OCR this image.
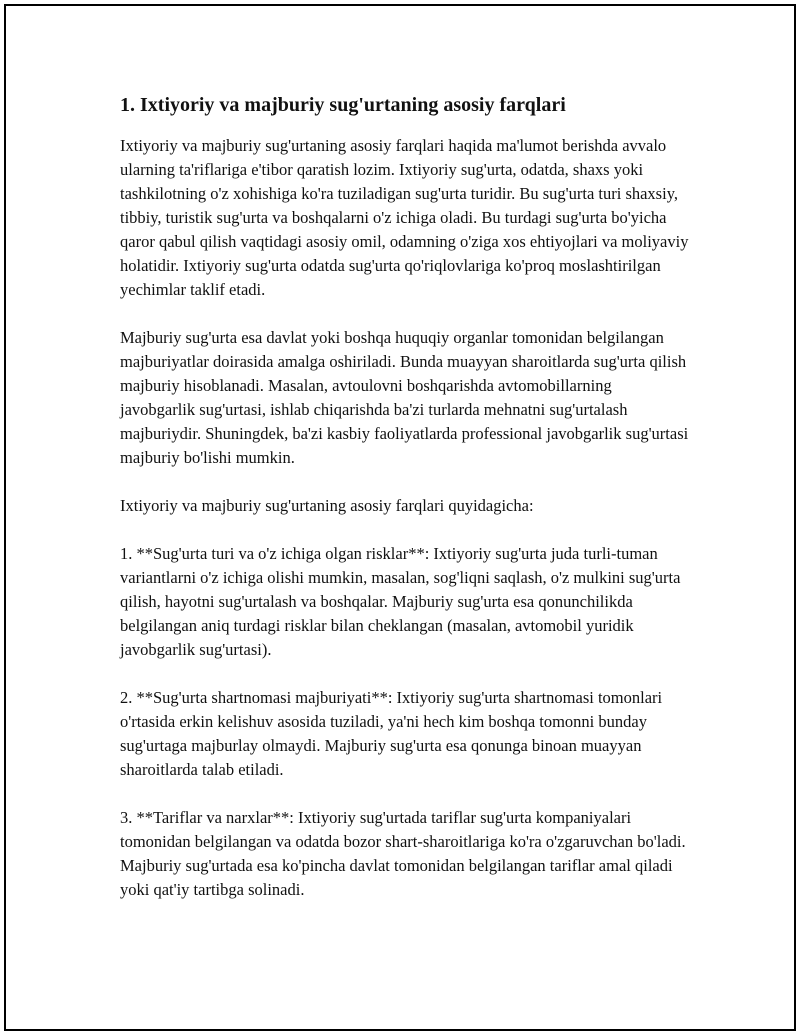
1. Ixtiyoriy va majburiy sug'urtaning asosiy farqlari

Ixtiyoriy va majburiy sug'urtaning asosiy farqlari haqida ma'lumot berishda avvalo ularning ta'riflariga e'tibor qaratish lozim. Ixtiyoriy sug'urta, odatda, shaxs yoki tashkilotning o'z xohishiga ko'ra tuziladigan sug'urta turidir. Bu sug'urta turi shaxsiy, tibbiy, turistik sug'urta va boshqalarni o'z ichiga oladi. Bu turdagi sug'urta bo'yicha qaror qabul qilish vaqtidagi asosiy omil, odamning o'ziga xos ehtiyojlari va moliyaviy holatidir. Ixtiyoriy sug'urta odatda sug'urta qo'riqlovlariga ko'proq moslashtirilgan yechimlar taklif etadi.

Majburiy sug'urta esa davlat yoki boshqa huquqiy organlar tomonidan belgilangan majburiyatlar doirasida amalga oshiriladi. Bunda muayyan sharoitlarda sug'urta qilish majburiy hisoblanadi. Masalan, avtoulovni boshqarishda avtomobillarning javobgarlik sug'urtasi, ishlab chiqarishda ba'zi turlarda mehnatni sug'urtalash majburiydir. Shuningdek, ba'zi kasbiy faoliyatlarda professional javobgarlik sug'urtasi majburiy bo'lishi mumkin.

Ixtiyoriy va majburiy sug'urtaning asosiy farqlari quyidagicha:

1. **Sug'urta turi va o'z ichiga olgan risklar**: Ixtiyoriy sug'urta juda turli-tuman variantlarni o'z ichiga olishi mumkin, masalan, sog'liqni saqlash, o'z mulkini sug'urta qilish, hayotni sug'urtalash va boshqalar. Majburiy sug'urta esa qonunchilikda belgilangan aniq turdagi risklar bilan cheklangan (masalan, avtomobil yuridik javobgarlik sug'urtasi).

2. **Sug'urta shartnomasi majburiyati**: Ixtiyoriy sug'urta shartnomasi tomonlari o'rtasida erkin kelishuv asosida tuziladi, ya'ni hech kim boshqa tomonni bunday sug'urtaga majburlay olmaydi. Majburiy sug'urta esa qonunga binoan muayyan sharoitlarda talab etiladi.

3. **Tariflar va narxlar**: Ixtiyoriy sug'urtada tariflar sug'urta kompaniyalari tomonidan belgilangan va odatda bozor shart-sharoitlariga ko'ra o'zgaruvchan bo'ladi. Majburiy sug'urtada esa ko'pincha davlat tomonidan belgilangan tariflar amal qiladi yoki qat'iy tartibga solinadi.
